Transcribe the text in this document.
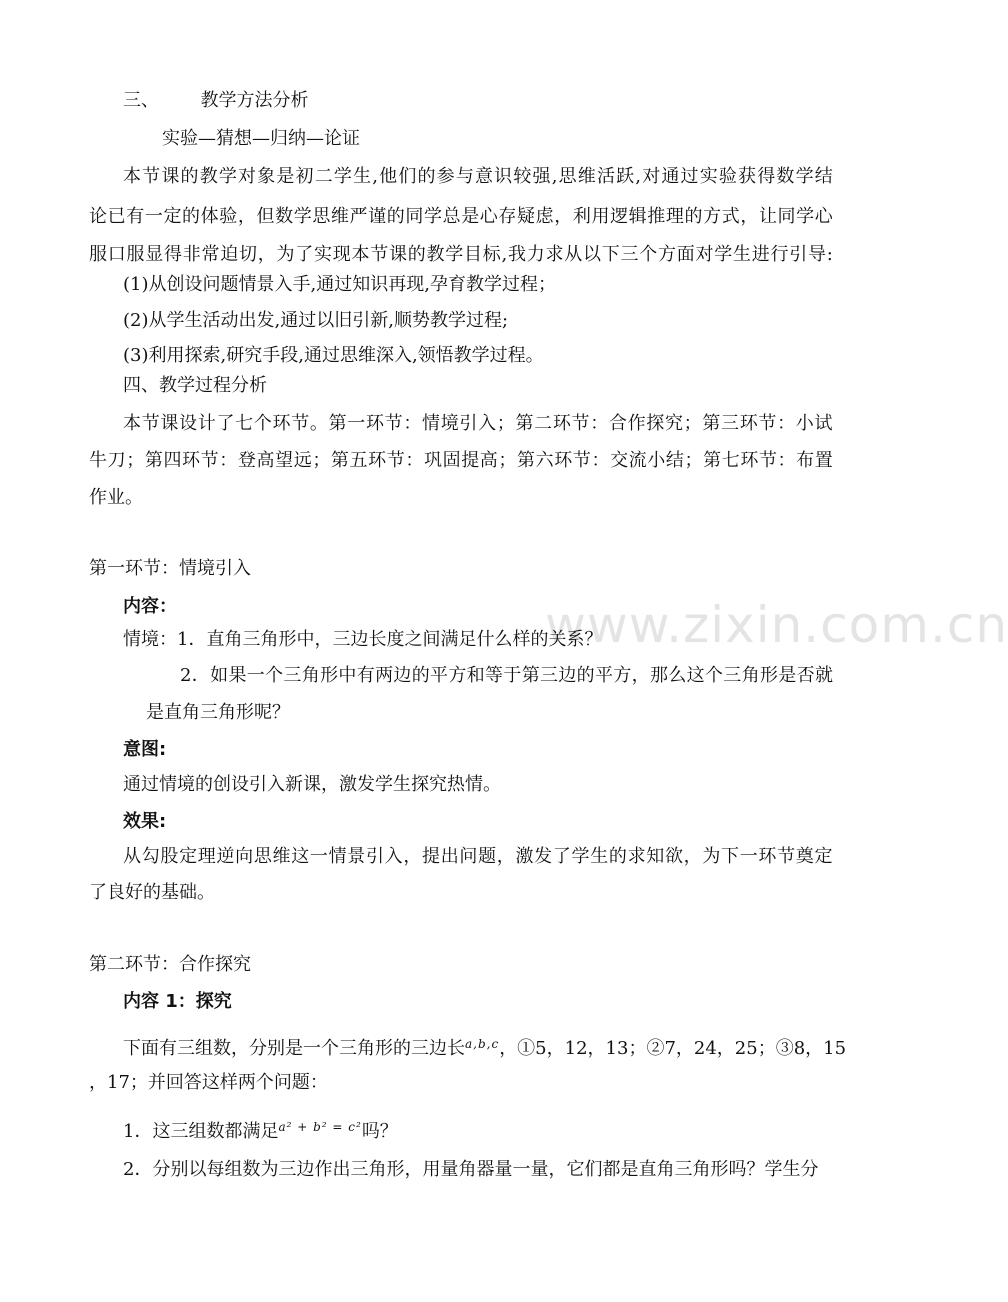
www.zixin.com.cn
三、 教学方法分析
实验—猜想—归纳—论证
本 节 课 的 教 学 对 象 是 初 二 学 生 , 他 们 的 参 与 意 识 较 强 , 思 维 活 跃 , 对 通 过 实 验 获 得 数 学 结
论 已 有 一 定 的 体 验 ， 但 数 学 思 维 严 谨 的 同 学 总 是 心 存 疑 虑 ， 利 用 逻 辑 推 理 的 方 式 ， 让 同 学 心
服 口 服 显 得 非 常 迫 切 ， 为 了 实 现 本 节 课 的 教 学 目 标 , 我 力 求 从 以 下 三 个 方 面 对 学 生 进 行 引 导 :
(1)从创设问题情景入手,通过知识再现,孕育教学过程；
(2)从学生活动出发,通过以旧引新,顺势教学过程;
(3)利用探索,研究手段,通过思维深入,领悟教学过程。
四、教学过程分析
本 节 课 设 计 了 七 个 环 节 。 第 一 环 节 ： 情 境 引 入 ； 第 二 环 节 ： 合 作 探 究 ； 第 三 环 节 ： 小 试
牛 刀 ； 第 四 环 节 ： 登 高 望 远 ； 第 五 环 节 ： 巩 固 提 高 ； 第 六 环 节 ： 交 流 小 结 ； 第 七 环 节 ： 布 置
作业。
第一环节：情境引入
内容：
情境：1．直角三角形中，三边长度之间满足什么样的关系？
2 ． 如 果 一 个 三 角 形 中 有 两 边 的 平 方 和 等 于 第 三 边 的 平 方 ， 那 么 这 个 三 角 形 是 否 就
是直角三角形呢？
意图:
通过情境的创设引入新课，激发学生探究热情。
效果:
从 勾 股 定 理 逆 向 思 维 这 一 情 景 引 入 ， 提 出 问 题 ， 激 发 了 学 生 的 求 知 欲 ， 为 下 一 环 节 奠 定
了良好的基础。
第二环节：合作探究
内容 1：探究
下面有三组数，分别是一个三角形的三边长$^{a,b,c}$，①5，12，13；②7，24，25；③8，15
，17；并回答这样两个问题：
1．这三组数都满足$^{a^2 + b^2 = c^2}$吗？
2．分别以每组数为三边作出三角形，用量角器量一量，它们都是直角三角形吗？学生分
